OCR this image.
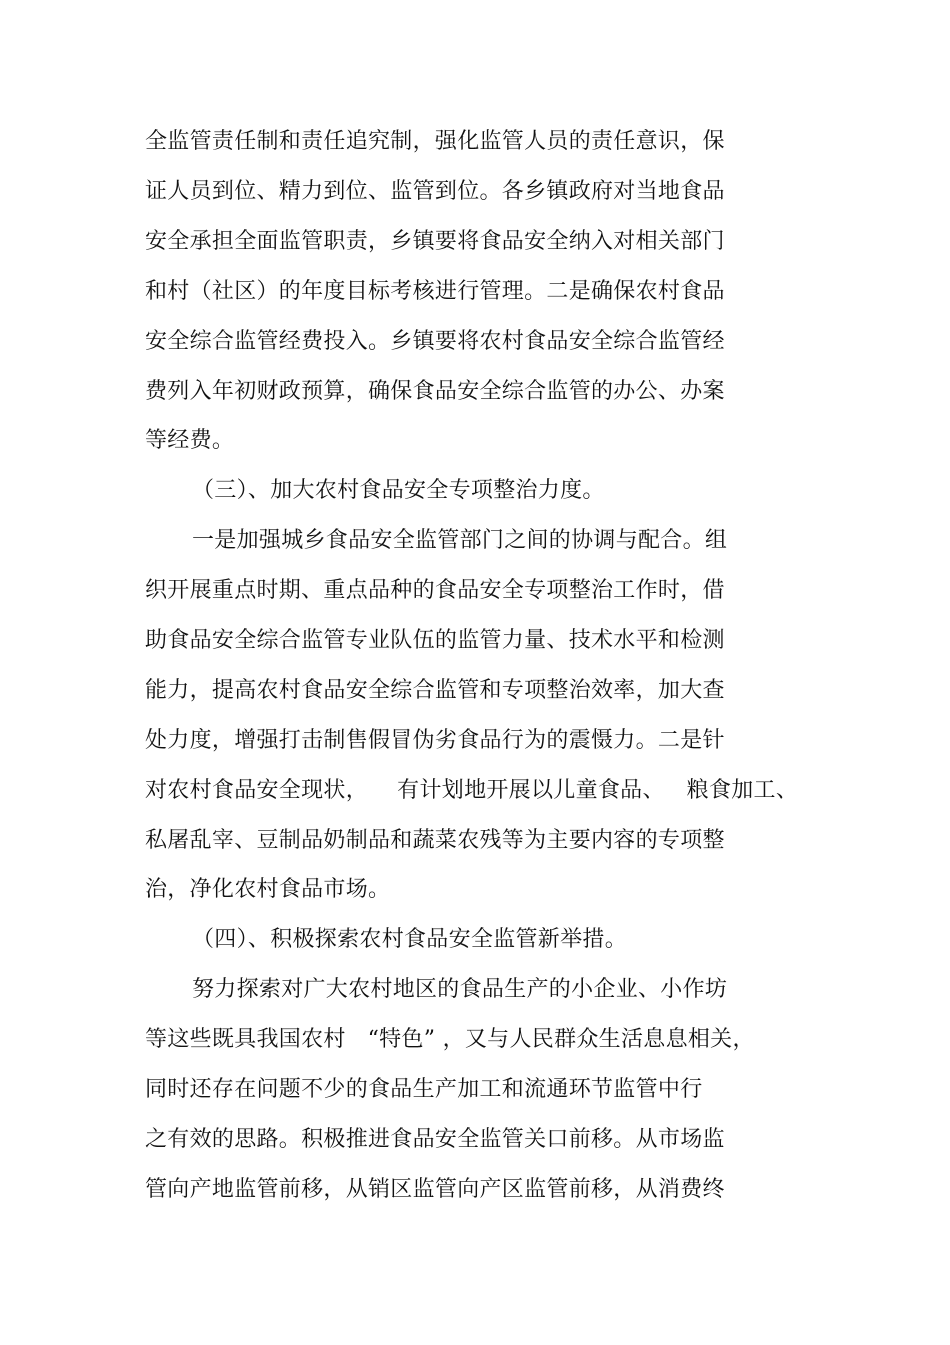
全监管责任制和责任追究制，强化监管人员的责任意识，保
证人员到位、精力到位、监管到位。各乡镇政府对当地食品
安全承担全面监管职责，乡镇要将食品安全纳入对相关部门
和村（社区）的年度目标考核进行管理。二是确保农村食品
安全综合监管经费投入。乡镇要将农村食品安全综合监管经
费列入年初财政预算，确保食品安全综合监管的办公、办案
等经费。
（三）、加大农村食品安全专项整治力度。
一是加强城乡食品安全监管部门之间的协调与配合。组
织开展重点时期、重点品种的食品安全专项整治工作时，借
助食品安全综合监管专业队伍的监管力量、技术水平和检测
能力，提高农村食品安全综合监管和专项整治效率，加大查
处力度，增强打击制售假冒伪劣食品行为的震慑力。二是针
对农村食品安全现状，    有计划地开展以儿童食品、   粮食加工、
私屠乱宰、豆制品奶制品和蔬菜农残等为主要内容的专项整
治，净化农村食品市场。
（四）、积极探索农村食品安全监管新举措。
努力探索对广大农村地区的食品生产的小企业、小作坊
等这些既具我国农村   “特色” ，又与人民群众生活息息相关，
同时还存在问题不少的食品生产加工和流通环节监管中行
之有效的思路。积极推进食品安全监管关口前移。从市场监
管向产地监管前移，从销区监管向产区监管前移，从消费终
